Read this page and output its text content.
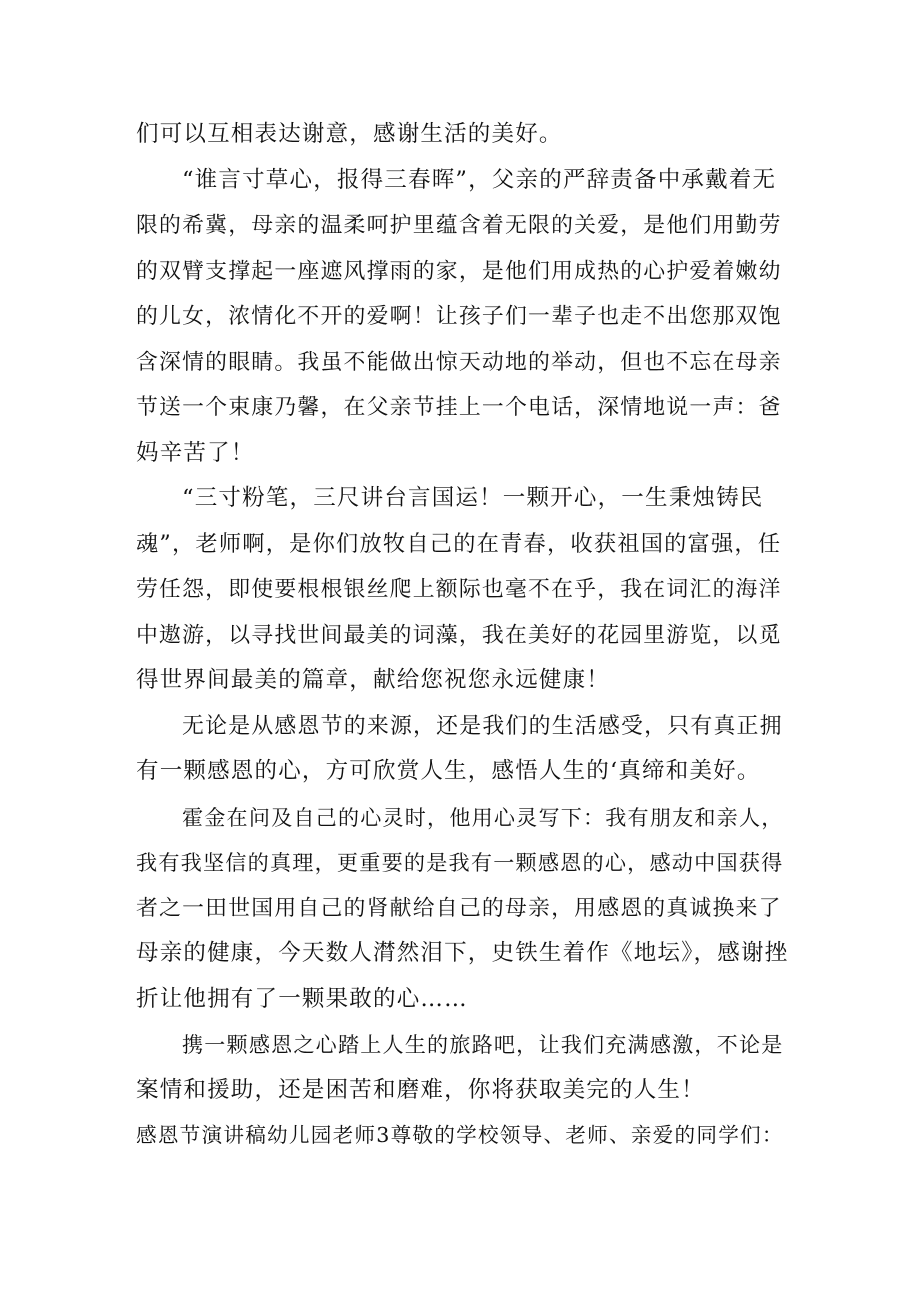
们可以互相表达谢意，感谢生活的美好。
“谁言寸草心，报得三春晖”，父亲的严辞责备中承戴着无
限的希冀，母亲的温柔呵护里蕴含着无限的关爱，是他们用勤劳
的双臂支撑起一座遮风撑雨的家，是他们用成热的心护爱着嫩幼
的儿女，浓情化不开的爱啊！让孩子们一辈子也走不出您那双饱
含深情的眼睛。我虽不能做出惊天动地的举动，但也不忘在母亲
节送一个束康乃馨，在父亲节挂上一个电话，深情地说一声：爸
妈辛苦了！
“三寸粉笔，三尺讲台言国运！一颗开心，一生秉烛铸民
魂”，老师啊，是你们放牧自己的在青春，收获祖国的富强，任
劳任怨，即使要根根银丝爬上额际也毫不在乎，我在词汇的海洋
中遨游，以寻找世间最美的词藻，我在美好的花园里游览，以觅
得世界间最美的篇章，献给您祝您永远健康！
无论是从感恩节的来源，还是我们的生活感受，只有真正拥
有一颗感恩的心，方可欣赏人生，感悟人生的‘真缔和美好。
霍金在问及自己的心灵时，他用心灵写下：我有朋友和亲人，
我有我坚信的真理，更重要的是我有一颗感恩的心，感动中国获得
者之一田世国用自己的肾献给自己的母亲，用感恩的真诚换来了
母亲的健康，今天数人潸然泪下，史铁生着作《地坛》，感谢挫
折让他拥有了一颗果敢的心……
携一颗感恩之心踏上人生的旅路吧，让我们充满感激，不论是
案情和援助，还是困苦和磨难，你将获取美完的人生！
感恩节演讲稿幼儿园老师3尊敬的学校领导、老师、亲爱的同学们：
